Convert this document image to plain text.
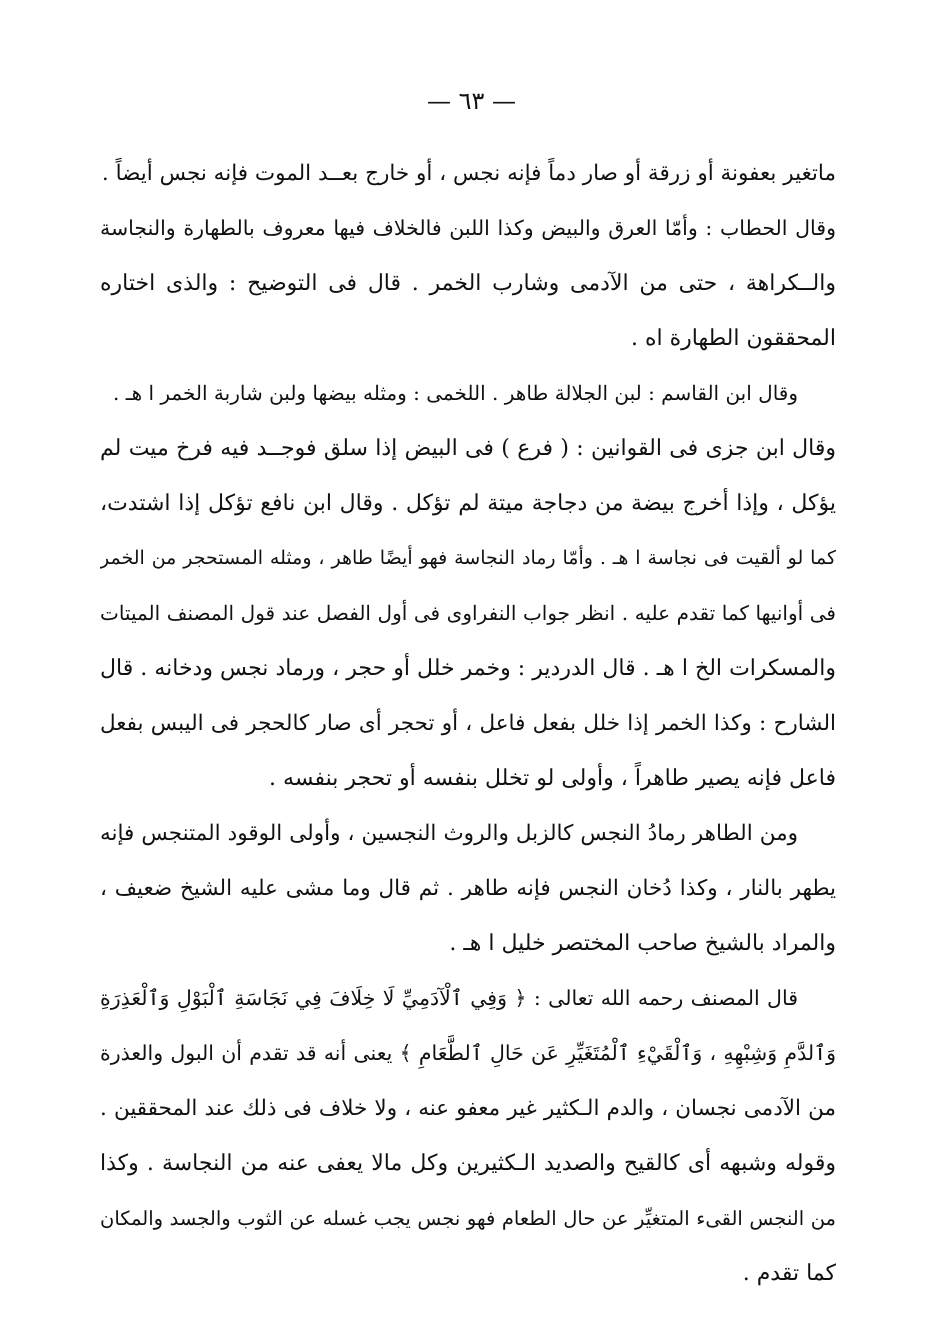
— ٦٣ —
ماتغير بعفونة أو زرقة أو صار دماً فإنه نجس ، أو خارج بعــد الموت فإنه نجس أيضاً .
وقال الحطاب : وأمّا العرق والبيض وكذا اللبن فالخلاف فيها معروف بالطهارة والنجاسة
والــكراهة ، حتى من الآدمى وشارب الخمر . قال فى التوضيح : والذى اختاره
المحققون الطهارة اه .
وقال ابن القاسم : لبن الجلالة طاهر . اللخمى : ومثله بيضها ولبن شاربة الخمر ا هـ .
وقال ابن جزى فى القوانين : ( فرع ) فى البيض إذا سلق فوجــد فيه فرخ ميت لم
يؤكل ، وإذا أخرج بيضة من دجاجة ميتة لم تؤكل . وقال ابن نافع تؤكل إذا اشتدت،
كما لو ألقيت فى نجاسة ا هـ . وأمّا رماد النجاسة فهو أيضًا طاهر ، ومثله المستحجر من الخمر
فى أوانيها كما تقدم عليه . انظر جواب النفراوى فى أول الفصل عند قول المصنف الميتات
والمسكرات الخ ا هـ . قال الدردير : وخمر خلل أو حجر ، ورماد نجس ودخانه . قال
الشارح : وكذا الخمر إذا خلل بفعل فاعل ، أو تحجر أى صار كالحجر فى اليبس بفعل
فاعل فإنه يصير طاهراً ، وأولى لو تخلل بنفسه أو تحجر بنفسه .
ومن الطاهر رمادُ النجس كالزبل والروث النجسين ، وأولى الوقود المتنجس فإنه
يطهر بالنار ، وكذا دُخان النجس فإنه طاهر . ثم قال وما مشى عليه الشيخ ضعيف ،
والمراد بالشيخ صاحب المختصر خليل ا هـ .
قال المصنف رحمه الله تعالى : ﴿ وَفِي ٱلْآدَمِيِّ لَا خِلَافَ فِي نَجَاسَةِ ٱلْبَوْلِ وَٱلْعَذِرَةِ
وَٱلدَّمِ وَشِبْهِهِ ، وَٱلْقَيْءِ ٱلْمُتَغَيِّرِ عَن حَالِ ٱلطَّعَامِ ﴾ يعنى أنه قد تقدم أن البول والعذرة
من الآدمى نجسان ، والدم الـكثير غير معفو عنه ، ولا خلاف فى ذلك عند المحققين .
وقوله وشبهه أى كالقيح والصديد الـكثيرين وكل مالا يعفى عنه من النجاسة . وكذا
من النجس القىء المتغيِّر عن حال الطعام فهو نجس يجب غسله عن الثوب والجسد والمكان
كما تقدم .
